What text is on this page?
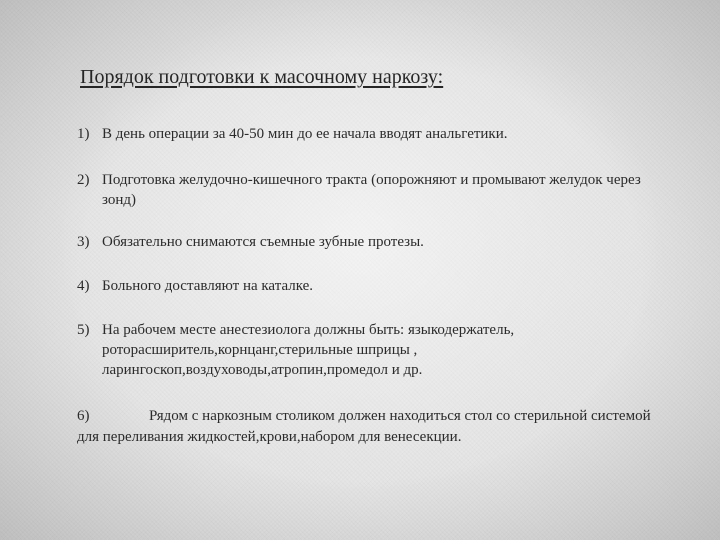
Порядок подготовки к масочному наркозу:
1) В день операции за 40-50 мин до ее начала вводят анальгетики.
2) Подготовка желудочно-кишечного тракта (опорожняют и промывают желудок через зонд)
3) Обязательно снимаются съемные зубные протезы.
4) Больного доставляют на каталке.
5) На рабочем месте анестезиолога должны быть: языкодержатель, роторасширитель,корнцанг,стерильные шприцы , ларингоскоп,воздуховоды,атропин,промедол и др.
6)	Рядом с наркозным столиком должен находиться стол со стерильной системой для переливания жидкостей,крови,набором для венесекции.
